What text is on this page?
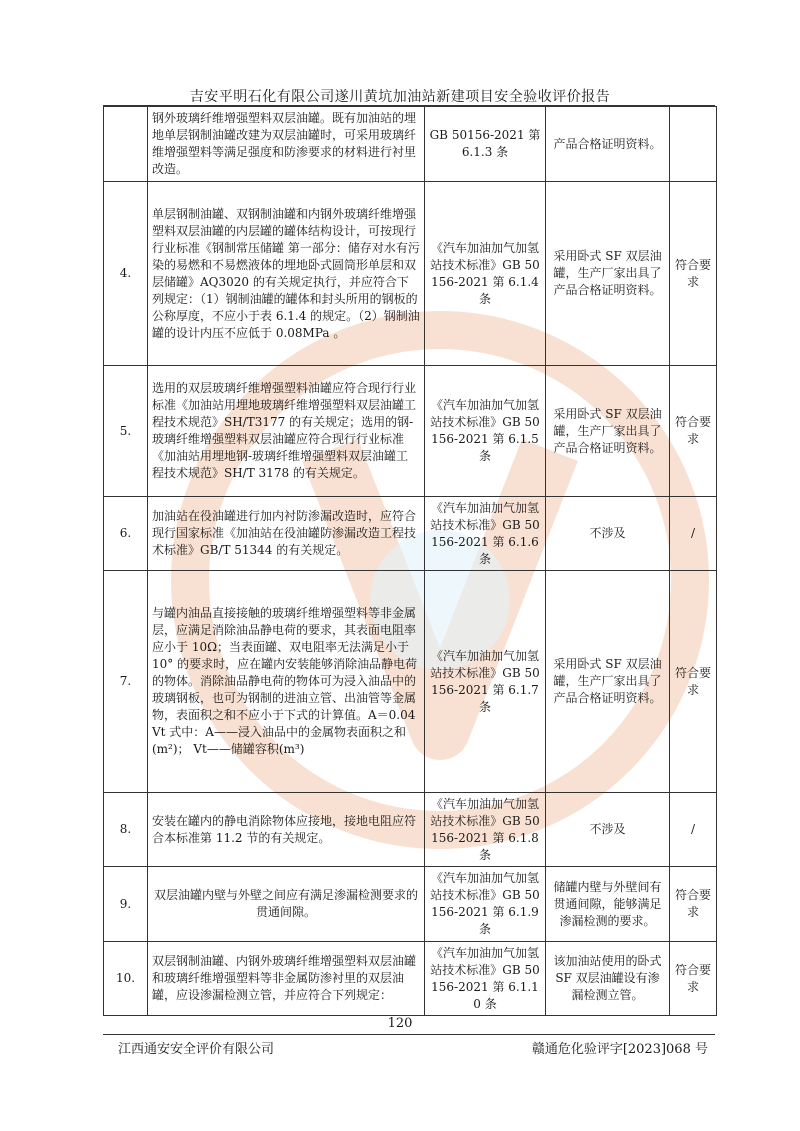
吉安平明石化有限公司遂川黄坑加油站新建项目安全验收评价报告
	钢外玻璃纤维增强塑料双层油罐。既有加油站的埋地单层钢制油罐改建为双层油罐时，可采用玻璃纤维增强塑料等满足强度和防渗要求的材料进行衬里改造。	GB 50156-2021 第 6.1.3 条	产品合格证明资料。	
4.	单层钢制油罐、双钢制油罐和内钢外玻璃纤维增强塑料双层油罐的内层罐的罐体结构设计，可按现行行业标准《钢制常压储罐 第一部分：储存对水有污染的易燃和不易燃液体的埋地卧式圆筒形单层和双层储罐》AQ3020 的有关规定执行，并应符合下列规定：（1）钢制油罐的罐体和封头所用的钢板的公称厚度，不应小于表 6.1.4 的规定。（2）钢制油罐的设计内压不应低于 0.08MPa 。	《汽车加油加气加氢站技术标准》GB 50156-2021 第 6.1.4 条	采用卧式 SF 双层油罐，生产厂家出具了产品合格证明资料。	符合要求
5.	选用的双层玻璃纤维增强塑料油罐应符合现行行业标准《加油站用埋地玻璃纤维增强塑料双层油罐工程技术规范》SH/T3177 的有关规定；选用的钢-玻璃纤维增强塑料双层油罐应符合现行行业标准《加油站用埋地钢-玻璃纤维增强塑料双层油罐工程技术规范》SH/T 3178 的有关规定。	《汽车加油加气加氢站技术标准》GB 50156-2021 第 6.1.5 条	采用卧式 SF 双层油罐，生产厂家出具了产品合格证明资料。	符合要求
6.	加油站在役油罐进行加内衬防渗漏改造时，应符合现行国家标准《加油站在役油罐防渗漏改造工程技术标准》GB/T 51344 的有关规定。	《汽车加油加气加氢站技术标准》GB 50156-2021 第 6.1.6 条	不涉及	/
7.	与罐内油品直接接触的玻璃纤维增强塑料等非金属层，应满足消除油品静电荷的要求，其表面电阻率应小于 10Ω；当表面罐、双电阻率无法满足小于 10° 的要求时，应在罐内安装能够消除油品静电荷的物体。消除油品静电荷的物体可为浸入油品中的玻璃钢板，也可为钢制的进油立管、出油管等金属物，表面积之和不应小于下式的计算值。A＝0.04Vt 式中：A——浸入油品中的金属物表面积之和(m²)； Vt——储罐容积(m³)	《汽车加油加气加氢站技术标准》GB 50156-2021 第 6.1.7 条	采用卧式 SF 双层油罐，生产厂家出具了产品合格证明资料。	符合要求
8.	安装在罐内的静电消除物体应接地，接地电阻应符合本标准第 11.2 节的有关规定。	《汽车加油加气加氢站技术标准》GB 50156-2021 第 6.1.8 条	不涉及	/
9.	双层油罐内壁与外壁之间应有满足渗漏检测要求的贯通间隙。	《汽车加油加气加氢站技术标准》GB 50156-2021 第 6.1.9 条	储罐内壁与外壁间有贯通间隙，能够满足渗漏检测的要求。	符合要求
10.	双层钢制油罐、内钢外玻璃纤维增强塑料双层油罐和玻璃纤维增强塑料等非金属防渗衬里的双层油罐，应设渗漏检测立管，并应符合下列规定：	《汽车加油加气加氢站技术标准》GB 50156-2021 第 6.1.10 条	该加油站使用的卧式 SF 双层油罐设有渗漏检测立管。	符合要求
120
江西通安安全评价有限公司	赣通危化验评字[2023]068 号
